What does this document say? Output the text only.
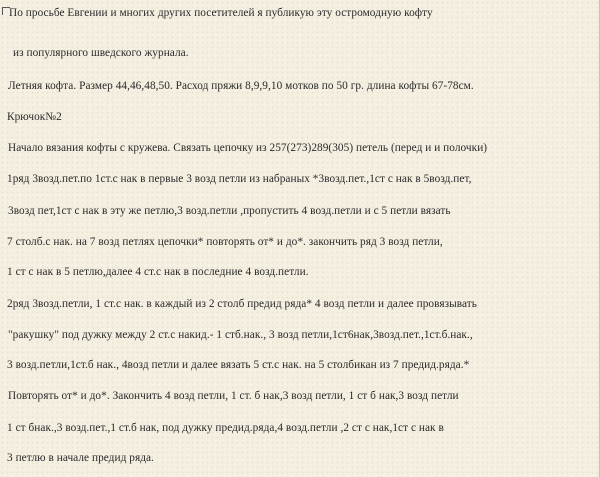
По просьбе Евгении и многих других посетителей я публикую эту остромодную кофту
из популярного шведского журнала.
Летняя кофта. Размер 44,46,48,50. Расход пряжи 8,9,9,10 мотков по 50 гр. длина кофты 67-78см.
Крючок№2
Начало вязания кофты с кружева. Связать цепочку из 257(273)289(305) петель (перед и и полочки)
1ряд 3возд.пет.по 1ст.с нак в первые 3 возд петли из набраных *3возд.пет.,1ст с нак в 5возд.пет,
3возд пет,1ст с нак в эту же петлю,3 возд.петли ,пропустить 4 возд.петли и с 5 петли вязать
7 столб.с нак. на 7 возд петлях цепочки* повторять от* и до*. закончить ряд 3 возд петли,
1 ст с нак в 5 петлю,далее 4 ст.с нак в последние 4 возд.петли.
2ряд 3возд.петли, 1 ст.с нак. в каждый из 2 столб предид ряда* 4 возд петли и далее провязывать
"ракушку" под дужку между 2 ст.с накид.- 1 стб.нак., 3 возд петли,1ст6нак,3возд.пет.,1ст.б.нак.,
3 возд.петли,1ст.б нак., 4возд петли и далее вязать 5 ст.с нак. на 5 столбикан из 7 предид.ряда.*
Повторять от* и до*. Закончить 4 возд петли, 1 ст. б нак,3 возд петли, 1 ст б нак,3 возд петли
1 ст бнак.,3 возд.пет.,1 ст.б нак, под дужку предид.ряда,4 возд.петли ,2 ст с нак,1ст с нак в
3 петлю в начале предид ряда.
